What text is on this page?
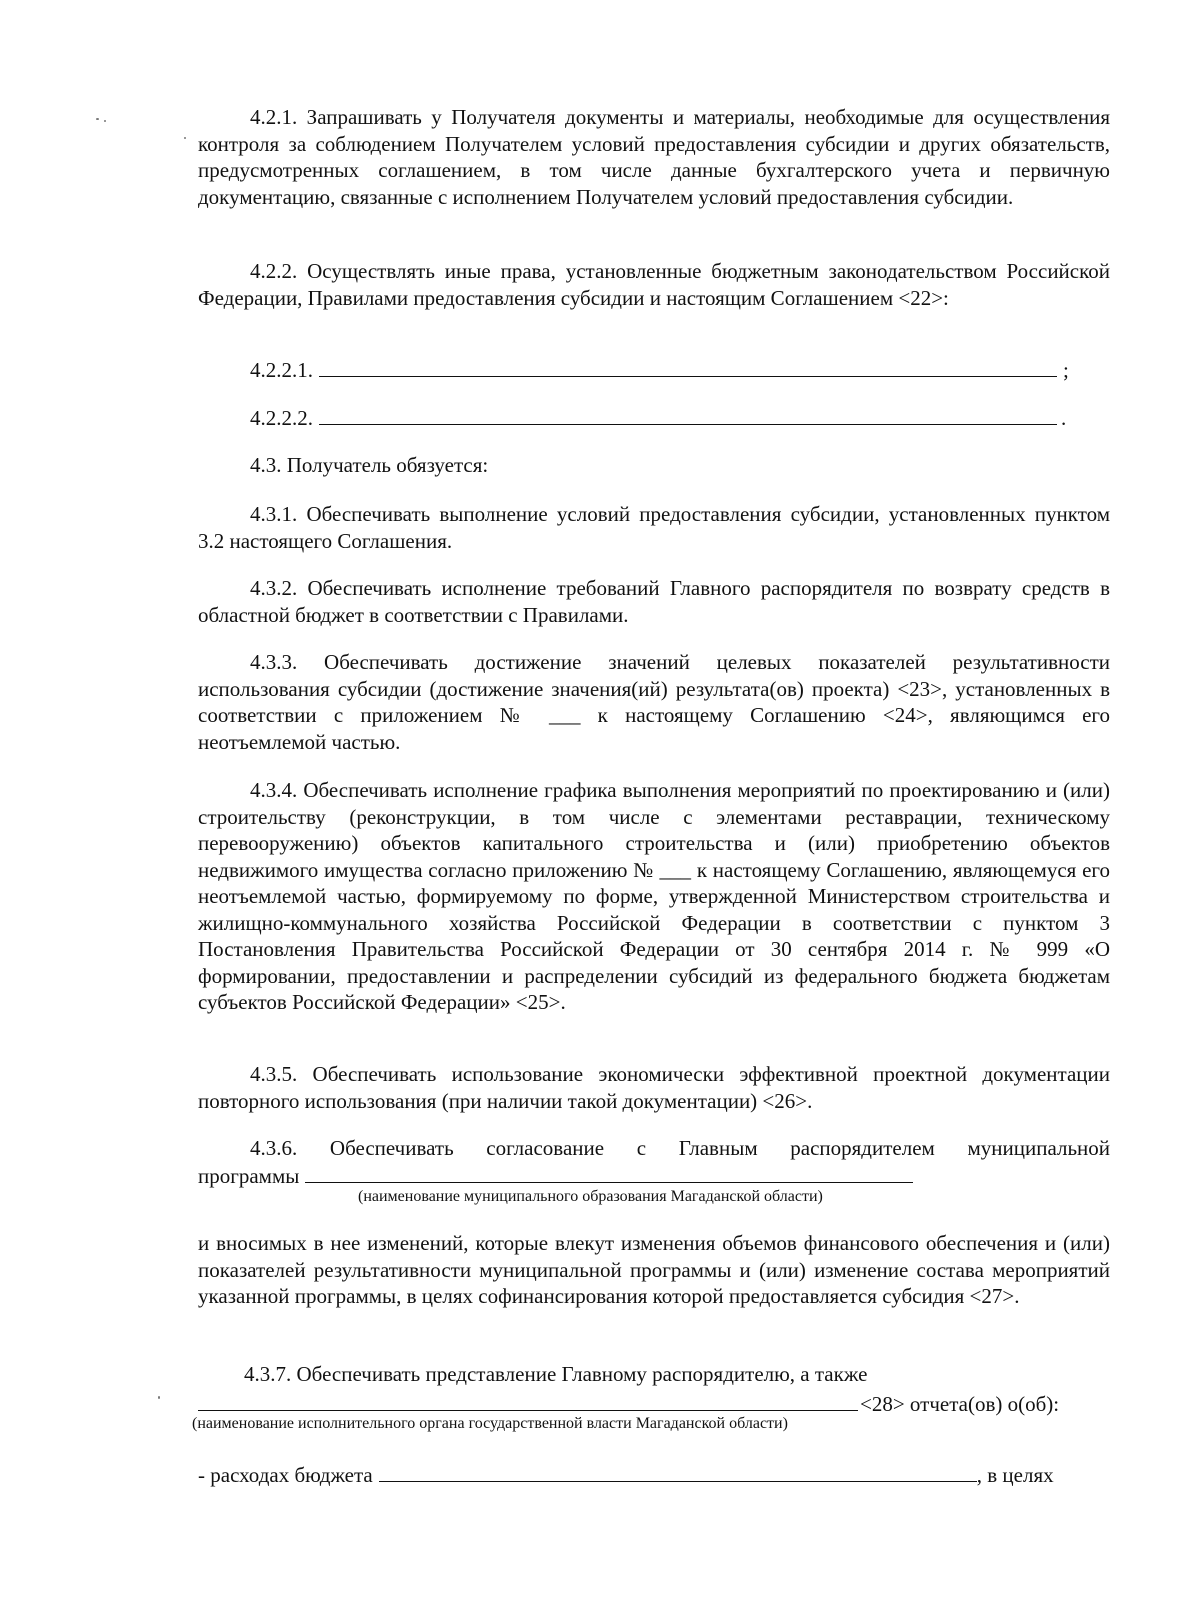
4.2.1. Запрашивать у Получателя документы и материалы, необходимые для осуществления контроля за соблюдением Получателем условий предоставления субсидии и других обязательств, предусмотренных соглашением, в том числе данные бухгалтерского учета и первичную документацию, связанные с исполнением Получателем условий предоставления субсидии.

4.2.2. Осуществлять иные права, установленные бюджетным законодательством Российской Федерации, Правилами предоставления субсидии и настоящим Соглашением <22>:

4.2.2.1.	;
4.2.2.2.	.

4.3. Получатель обязуется:

4.3.1. Обеспечивать выполнение условий предоставления субсидии, установленных пунктом 3.2 настоящего Соглашения.

4.3.2. Обеспечивать исполнение требований Главного распорядителя по возврату средств в областной бюджет в соответствии с Правилами.

4.3.3. Обеспечивать достижение значений целевых показателей результативности использования субсидии (достижение значения(ий) результата(ов) проекта) <23>, установленных в соответствии с приложением № ___ к настоящему Соглашению <24>, являющимся его неотъемлемой частью.

4.3.4. Обеспечивать исполнение графика выполнения мероприятий по проектированию и (или) строительству (реконструкции, в том числе с элементами реставрации, техническому перевооружению) объектов капитального строительства и (или) приобретению объектов недвижимого имущества согласно приложению № ___ к настоящему Соглашению, являющемуся его неотъемлемой частью, формируемому по форме, утвержденной Министерством строительства и жилищно-коммунального хозяйства Российской Федерации в соответствии с пунктом 3 Постановления Правительства Российской Федерации от 30 сентября 2014 г. № 999 «О формировании, предоставлении и распределении субсидий из федерального бюджета бюджетам субъектов Российской Федерации» <25>.

4.3.5. Обеспечивать использование экономически эффективной проектной документации повторного использования (при наличии такой документации) <26>.

4.3.6. Обеспечивать согласование с Главным распорядителем муниципальной

программы
(наименование муниципального образования Магаданской области)

и вносимых в нее изменений, которые влекут изменения объемов финансового обеспечения и (или) показателей результативности муниципальной программы и (или) изменение состава мероприятий указанной программы, в целях софинансирования которой предоставляется субсидия <27>.

4.3.7. Обеспечивать представление Главному распорядителю, а также
<28> отчета(ов) о(об):
(наименование исполнительного органа государственной власти Магаданской области)
- расходах бюджета	, в целях
